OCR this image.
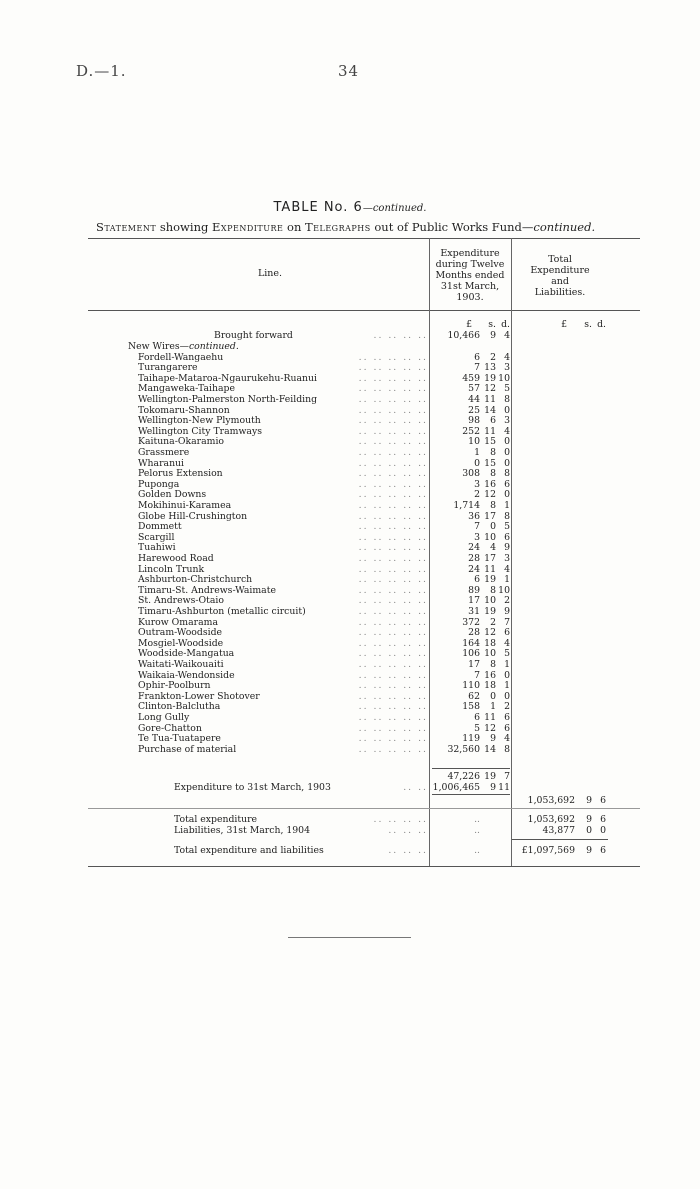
D.—1.	34
TABLE No. 6—continued.
Statement showing Expenditure on Telegraphs out of Public Works Fund—continued.
Line.
Expenditure
during Twelve
Months ended
31st March,
1903.
Total
Expenditure
and
Liabilities.
£	s. d.	£	s. d.
Brought forward	.. .. .. ..	10,466	9 4
New Wires—continued.
Fordell-Wangaehu	.. .. .. .. ..	6	2 4
Turangarere	.. .. .. .. ..	7 13 3
Taihape-Mataroa-Ngaurukehu-Ruanui	.. .. .. .. ..	459 19 10
Mangaweka-Taihape	.. .. .. .. ..	57 12 5
Wellington-Palmerston North-Feilding	.. .. .. .. ..	44 11 8
Tokomaru-Shannon	.. .. .. .. ..	25 14 0
Wellington-New Plymouth	.. .. .. .. ..	98	6 3
Wellington City Tramways	.. .. .. .. ..	252 11 4
Kaituna-Okaramio	.. .. .. .. ..	10 15 0
Grassmere	.. .. .. .. ..	1	8 0
Wharanui	.. .. .. .. ..	0 15 0
Pelorus Extension	.. .. .. .. ..	308	8 8
Puponga	.. .. .. .. ..	3 16 6
Golden Downs	.. .. .. .. ..	2 12 0
Mokihinui-Karamea	.. .. .. .. ..	1,714	8 1
Globe Hill-Crushington	.. .. .. .. ..	36 17 8
Dommett	.. .. .. .. ..	7	0 5
Scargill	.. .. .. .. ..	3 10 6
Tuahiwi	.. .. .. .. ..	24	4 9
Harewood Road	.. .. .. .. ..	28 17 3
Lincoln Trunk	.. .. .. .. ..	24 11 4
Ashburton-Christchurch	.. .. .. .. ..	6 19 1
Timaru-St. Andrews-Waimate	.. .. .. .. ..	89	8 10
St. Andrews-Otaio	.. .. .. .. ..	17 10 2
Timaru-Ashburton (metallic circuit)	.. .. .. .. ..	31 19 9
Kurow Omarama	.. .. .. .. ..	372	2 7
Outram-Woodside	.. .. .. .. ..	28 12 6
Mosgiel-Woodside	.. .. .. .. ..	164 18 4
Woodside-Mangatua	.. .. .. .. ..	106 10 5
Waitati-Waikouaiti	.. .. .. .. ..	17	8 1
Waikaia-Wendonside	.. .. .. .. ..	7 16 0
Ophir-Poolburn	.. .. .. .. ..	110 18 1
Frankton-Lower Shotover	.. .. .. .. ..	62	0 0
Clinton-Balclutha	.. .. .. .. ..	158	1 2
Long Gully	.. .. .. .. ..	6 11 6
Gore-Chatton	.. .. .. .. ..	5 12 6
Te Tua-Tuatapere	.. .. .. .. ..	119	9 4
Purchase of material	.. .. .. .. ..	32,560 14 8
47,226 19 7
Expenditure to 31st March, 1903	.. .. 1,006,465	9 11
1,053,692	9 6
Total expenditure	.. .. .. ..	..	1,053,692	9 6
Liabilities, 31st March, 1904	.. .. ..	..	43,877	0 0
Total expenditure and liabilities	.. .. ..	..	£1,097,569	9 6
